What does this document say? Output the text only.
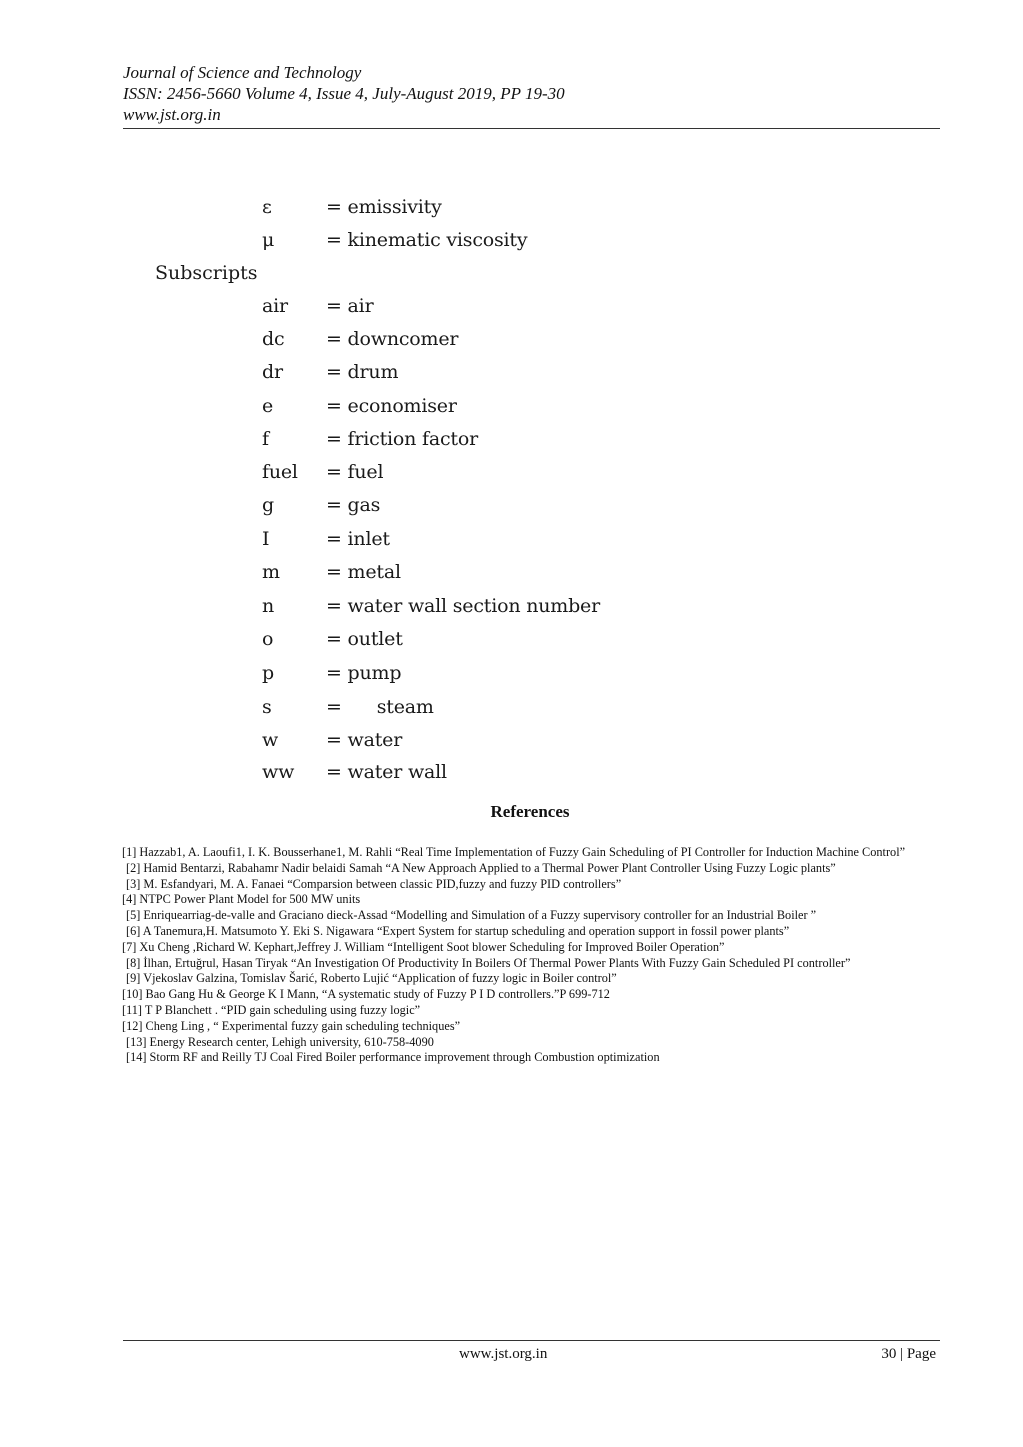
Journal of Science and Technology
ISSN: 2456-5660 Volume 4, Issue 4, July-August 2019, PP 19-30
www.jst.org.in
ε	= emissivity
μ	= kinematic viscosity
Subscripts
air = air
dc = downcomer
dr = drum
e	= economiser
f	= friction factor
fuel = fuel
g	= gas
I	= inlet
m = metal
n	= water wall section number
o	= outlet
p	= pump
s	=      steam
w	= water
ww = water wall
References
[1] Hazzab1, A. Laoufi1, I. K. Bousserhane1, M. Rahli “Real Time Implementation of Fuzzy Gain Scheduling of PI Controller for Induction Machine Control”
[2] Hamid Bentarzi, Rabahamr Nadir belaidi Samah “A New Approach Applied to a Thermal Power Plant Controller Using Fuzzy Logic plants”
[3] M. Esfandyari, M. A. Fanaei “Comparsion between classic PID,fuzzy and fuzzy PID controllers”
[4] NTPC Power Plant Model for 500 MW units
[5] Enriquearriag-de-valle and Graciano dieck-Assad “Modelling and Simulation of a Fuzzy supervisory controller for an Industrial Boiler ”
[6] A Tanemura,H. Matsumoto Y. Eki S. Nigawara “Expert System for startup scheduling and operation support in fossil power plants”
[7] Xu Cheng ,Richard W. Kephart,Jeffrey J. William “Intelligent Soot blower Scheduling for Improved Boiler Operation”
[8] İlhan, Ertuğrul, Hasan Tiryak “An Investigation Of Productivity In Boilers Of Thermal Power Plants With Fuzzy Gain Scheduled PI controller”
[9] Vjekoslav Galzina, Tomislav Šarić, Roberto Lujić “Application of fuzzy logic in Boiler control”
[10] Bao Gang Hu & George K I Mann, “A systematic study of Fuzzy P I D controllers.”P 699-712
[11] T P Blanchett . “PID gain scheduling using fuzzy logic”
[12] Cheng Ling , “ Experimental fuzzy gain scheduling techniques”
[13] Energy Research center, Lehigh university, 610-758-4090
[14] Storm RF and Reilly TJ Coal Fired Boiler performance improvement through Combustion optimization
www.jst.org.in	30 | Page
